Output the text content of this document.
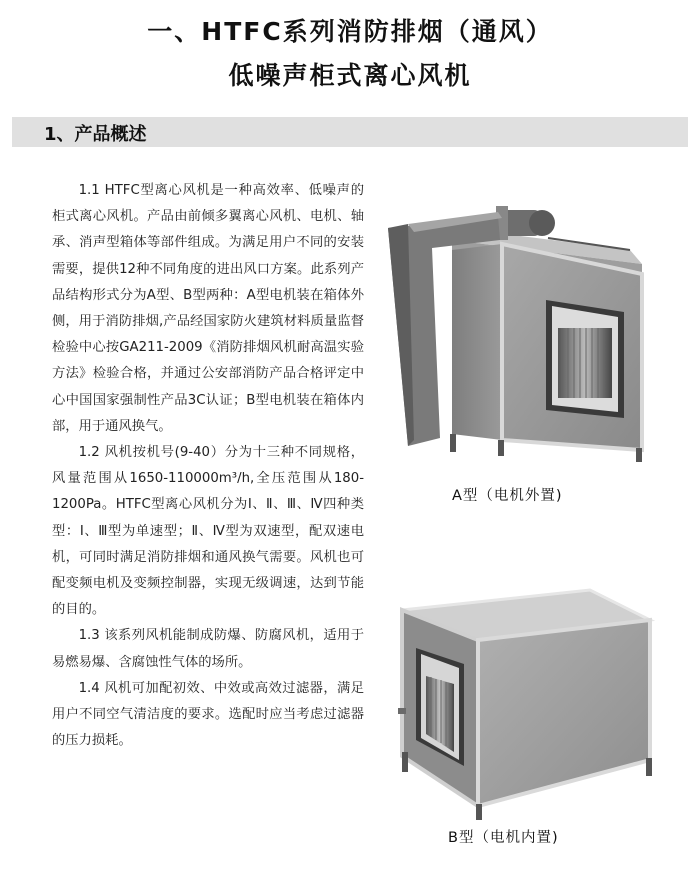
一、HTFC系列消防排烟（通风）
低噪声柜式离心风机
1、产品概述

1.1 HTFC型离心风机是一种高效率、低噪声的柜式离心风机。产品由前倾多翼离心风机、电机、轴承、消声型箱体等部件组成。为满足用户不同的安装需要，提供12种不同角度的进出风口方案。此系列产品结构形式分为A型、B型两种：A型电机装在箱体外侧，用于消防排烟,产品经国家防火建筑材料质量监督检验中心按GA211-2009《消防排烟风机耐高温实验方法》检验合格，并通过公安部消防产品合格评定中心中国国家强制性产品3C认证；B型电机装在箱体内部，用于通风换气。

1.2 风机按机号(9-40）分为十三种不同规格，风量范围从1650-110000m³/h,全压范围从180-1200Pa。HTFC型离心风机分为Ⅰ、Ⅱ、Ⅲ、Ⅳ四种类型：Ⅰ、Ⅲ型为单速型；Ⅱ、Ⅳ型为双速型，配双速电机，可同时满足消防排烟和通风换气需要。风机也可配变频电机及变频控制器，实现无级调速，达到节能的目的。

1.3 该系列风机能制成防爆、防腐风机，适用于易燃易爆、含腐蚀性气体的场所。

1.4 风机可加配初效、中效或高效过滤器，满足用户不同空气清洁度的要求。选配时应当考虑过滤器的压力损耗。

A型（电机外置)
B型（电机内置)
